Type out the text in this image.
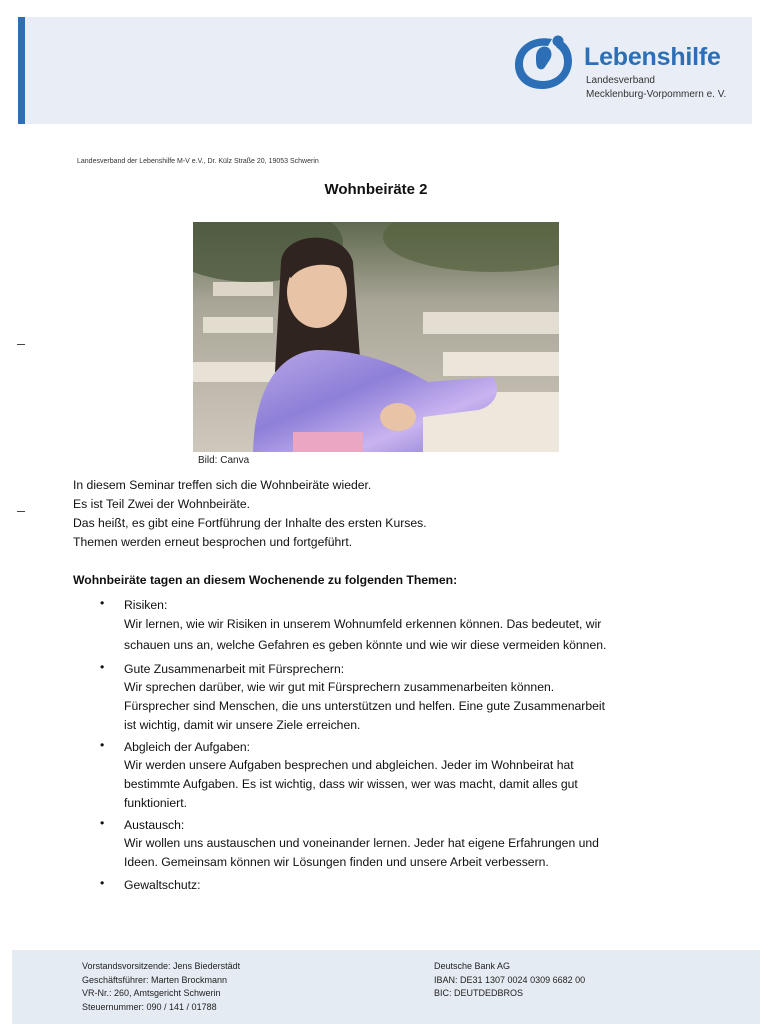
Lebenshilfe
Landesverband
Mecklenburg-Vorpommern e. V.
Landesverband der Lebenshilfe M-V e.V., Dr. Külz Straße 20, 19053 Schwerin
Wohnbeiräte 2
Bild: Canva
In diesem Seminar treffen sich die Wohnbeiräte wieder.
Es ist Teil Zwei der Wohnbeiräte.
Das heißt, es gibt eine Fortführung der Inhalte des ersten Kurses.
Themen werden erneut besprochen und fortgeführt.
Wohnbeiräte tagen an diesem Wochenende zu folgenden Themen:
• Risiken:
Wir lernen, wie wir Risiken in unserem Wohnumfeld erkennen können. Das bedeutet, wir
schauen uns an, welche Gefahren es geben könnte und wie wir diese vermeiden können.
• Gute Zusammenarbeit mit Fürsprechern:
Wir sprechen darüber, wie wir gut mit Fürsprechern zusammenarbeiten können.
Fürsprecher sind Menschen, die uns unterstützen und helfen. Eine gute Zusammenarbeit
ist wichtig, damit wir unsere Ziele erreichen.
• Abgleich der Aufgaben:
Wir werden unsere Aufgaben besprechen und abgleichen. Jeder im Wohnbeirat hat
bestimmte Aufgaben. Es ist wichtig, dass wir wissen, wer was macht, damit alles gut
funktioniert.
• Austausch:
Wir wollen uns austauschen und voneinander lernen. Jeder hat eigene Erfahrungen und
Ideen. Gemeinsam können wir Lösungen finden und unsere Arbeit verbessern.
• Gewaltschutz:
Vorstandsvorsitzende: Jens Biederstädt
Geschäftsführer: Marten Brockmann
VR-Nr.: 260, Amtsgericht Schwerin
Steuernummer: 090 / 141 / 01788
Deutsche Bank AG
IBAN: DE31 1307 0024 0309 6682 00
BIC: DEUTDEDBROS
